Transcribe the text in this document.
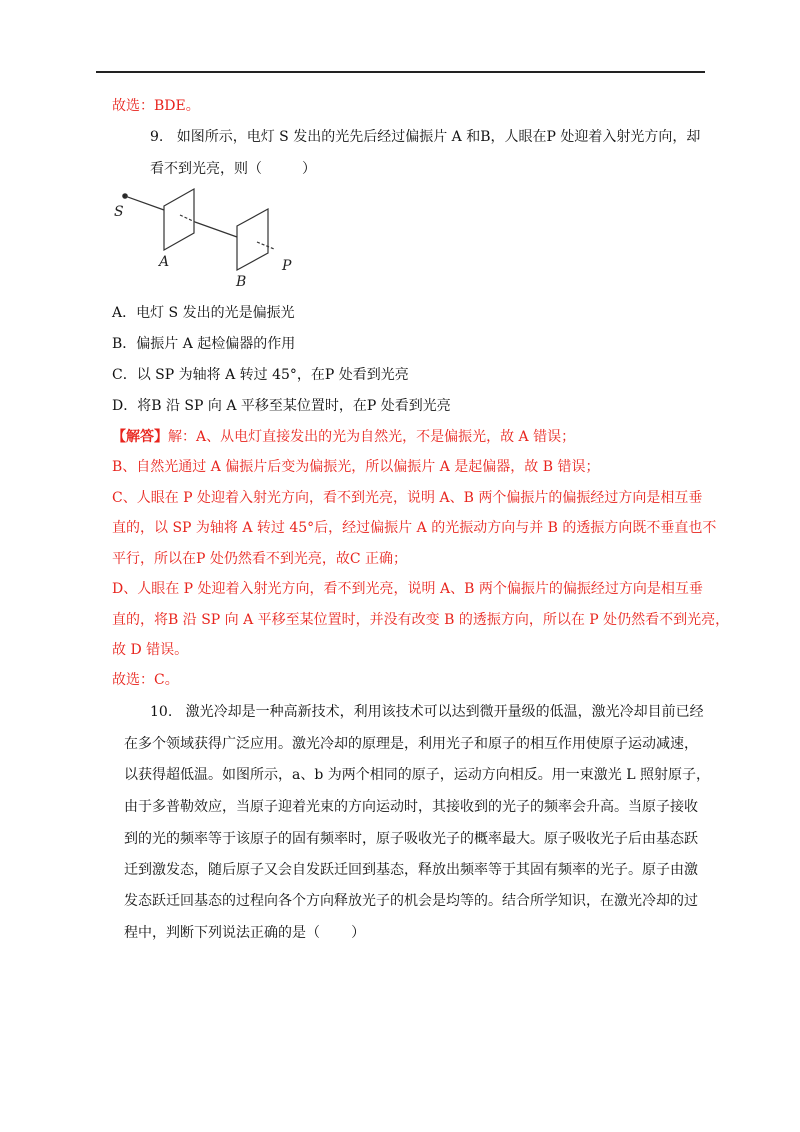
故选：BDE。
9.   如图所示，电灯 S 发出的光先后经过偏振片 A 和B，人眼在P 处迎着入射光方向，却
看不到光亮，则（         ）
S
A
B
P
A．电灯 S 发出的光是偏振光
B．偏振片 A 起检偏器的作用
C．以 SP 为轴将 A 转过 45°，在P 处看到光亮
D．将B 沿 SP 向 A 平移至某位置时，在P 处看到光亮
【解答】解：A、从电灯直接发出的光为自然光，不是偏振光，故 A 错误；
B、自然光通过 A 偏振片后变为偏振光，所以偏振片 A 是起偏器，故 B 错误；
C、人眼在 P 处迎着入射光方向，看不到光亮，说明 A、B 两个偏振片的偏振经过方向是相互垂
直的，以 SP 为轴将 A 转过 45°后，经过偏振片 A 的光振动方向与并 B 的透振方向既不垂直也不
平行，所以在P 处仍然看不到光亮，故C 正确；
D、人眼在 P 处迎着入射光方向，看不到光亮，说明 A、B 两个偏振片的偏振经过方向是相互垂
直的，将B 沿 SP 向 A 平移至某位置时，并没有改变 B 的透振方向，所以在 P 处仍然看不到光亮，
故 D 错误。
故选：C。
10.   激光冷却是一种高新技术，利用该技术可以达到微开量级的低温，激光冷却目前已经
在多个领域获得广泛应用。激光冷却的原理是，利用光子和原子的相互作用使原子运动减速，
以获得超低温。如图所示，a、b 为两个相同的原子，运动方向相反。用一束激光 L 照射原子，
由于多普勒效应，当原子迎着光束的方向运动时，其接收到的光子的频率会升高。当原子接收
到的光的频率等于该原子的固有频率时，原子吸收光子的概率最大。原子吸收光子后由基态跃
迁到激发态，随后原子又会自发跃迁回到基态，释放出频率等于其固有频率的光子。原子由激
发态跃迁回基态的过程向各个方向释放光子的机会是均等的。结合所学知识，在激光冷却的过
程中，判断下列说法正确的是（       ）
